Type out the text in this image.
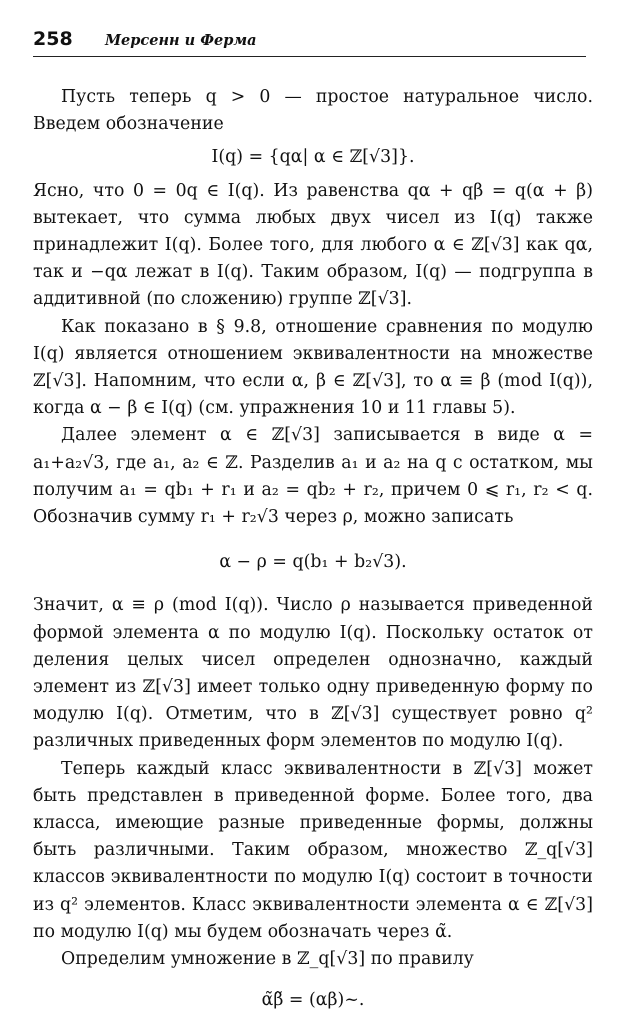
258 Мерсенн и Ферма

Пусть теперь q > 0 — простое натуральное число. Введем обозначение

I(q) = {qα| α ∈ ℤ[√3]}.

Ясно, что 0 = 0q ∈ I(q). Из равенства qα + qβ = q(α + β) вытекает, что сумма любых двух чисел из I(q) также принадлежит I(q). Более того, для любого α ∈ ℤ[√3] как qα, так и −qα лежат в I(q). Таким образом, I(q) — подгруппа в аддитивной (по сложению) группе ℤ[√3].

Как показано в § 9.8, отношение сравнения по модулю I(q) является отношением эквивалентности на множестве ℤ[√3]. Напомним, что если α, β ∈ ℤ[√3], то α ≡ β (mod I(q)), когда α − β ∈ I(q) (см. упражнения 10 и 11 главы 5).

Далее элемент α ∈ ℤ[√3] записывается в виде α = a₁+a₂√3, где a₁, a₂ ∈ ℤ. Разделив a₁ и a₂ на q с остатком, мы получим a₁ = qb₁ + r₁ и a₂ = qb₂ + r₂, причем 0 ⩽ r₁, r₂ < q. Обозначив сумму r₁ + r₂√3 через ρ, можно записать

α − ρ = q(b₁ + b₂√3).

Значит, α ≡ ρ (mod I(q)). Число ρ называется приведенной формой элемента α по модулю I(q). Поскольку остаток от деления целых чисел определен однозначно, каждый элемент из ℤ[√3] имеет только одну приведенную форму по модулю I(q). Отметим, что в ℤ[√3] существует ровно q² различных приведенных форм элементов по модулю I(q).

Теперь каждый класс эквивалентности в ℤ[√3] может быть представлен в приведенной форме. Более того, два класса, имеющие разные приведенные формы, должны быть различными. Таким образом, множество ℤ_q[√3] классов эквивалентности по модулю I(q) состоит в точности из q² элементов. Класс эквивалентности элемента α ∈ ℤ[√3] по модулю I(q) мы будем обозначать через α̃.

Определим умножение в ℤ_q[√3] по правилу

α̃β̃ = (αβ)~.
